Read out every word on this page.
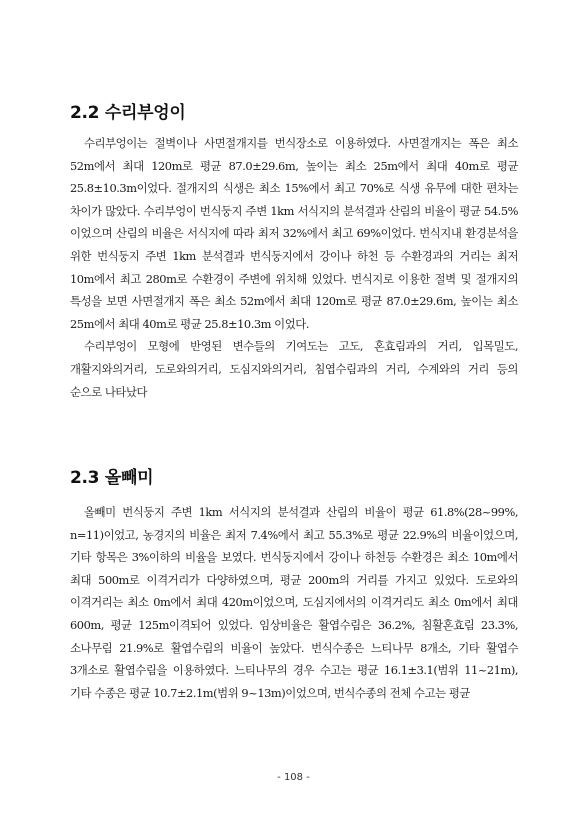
2.2 수리부엉이

수리부엉이는 절벽이나 사면절개지를 번식장소로 이용하였다. 사면절개지는 폭은 최소 52m에서 최대 120m로 평균 87.0±29.6m, 높이는 최소 25m에서 최대 40m로 평균 25.8±10.3m이었다. 절개지의 식생은 최소 15%에서 최고 70%로 식생 유무에 대한 편차는 차이가 많았다. 수리부엉이 번식둥지 주변 1km 서식지의 분석결과 산림의 비율이 평균 54.5%이었으며 산림의 비율은 서식지에 따라 최저 32%에서 최고 69%이었다. 번식지내 환경분석을 위한 번식둥지 주변 1km 분석결과 번식둥지에서 강이나 하천 등 수환경과의 거리는 최저 10m에서 최고 280m로 수환경이 주변에 위치해 있었다. 번식지로 이용한 절벽 및 절개지의 특성을 보면 사면절개지 폭은 최소 52m에서 최대 120m로 평균 87.0±29.6m, 높이는 최소 25m에서 최대 40m로 평균 25.8±10.3m 이었다.

수리부엉이 모형에 반영된 변수들의 기여도는 고도, 혼효림과의 거리, 입목밀도, 개활지와의거리, 도로와의거리, 도심지와의거리, 침엽수림과의 거리, 수계와의 거리 등의 순으로 나타났다

2.3 올빼미

올빼미 번식둥지 주변 1km 서식지의 분석결과 산림의 비율이 평균 61.8%(28~99%, n=11)이었고, 농경지의 비율은 최저 7.4%에서 최고 55.3%로 평균 22.9%의 비율이었으며, 기타 항목은 3%이하의 비율을 보였다. 번식둥지에서 강이나 하천등 수환경은 최소 10m에서 최대 500m로 이격거리가 다양하였으며, 평균 200m의 거리를 가지고 있었다. 도로와의 이격거리는 최소 0m에서 최대 420m이었으며, 도심지에서의 이격거리도 최소 0m에서 최대 600m, 평균 125m이격되어 있었다. 임상비율은 활엽수림은 36.2%, 침활혼효림 23.3%, 소나무림 21.9%로 활엽수림의 비율이 높았다. 번식수종은 느티나무 8개소, 기타 활엽수 3개소로 활엽수림을 이용하였다. 느티나무의 경우 수고는 평균 16.1±3.1(범위 11~21m), 기타 수종은 평균 10.7±2.1m(범위 9~13m)이었으며, 번식수종의 전체 수고는 평균

- 108 -
